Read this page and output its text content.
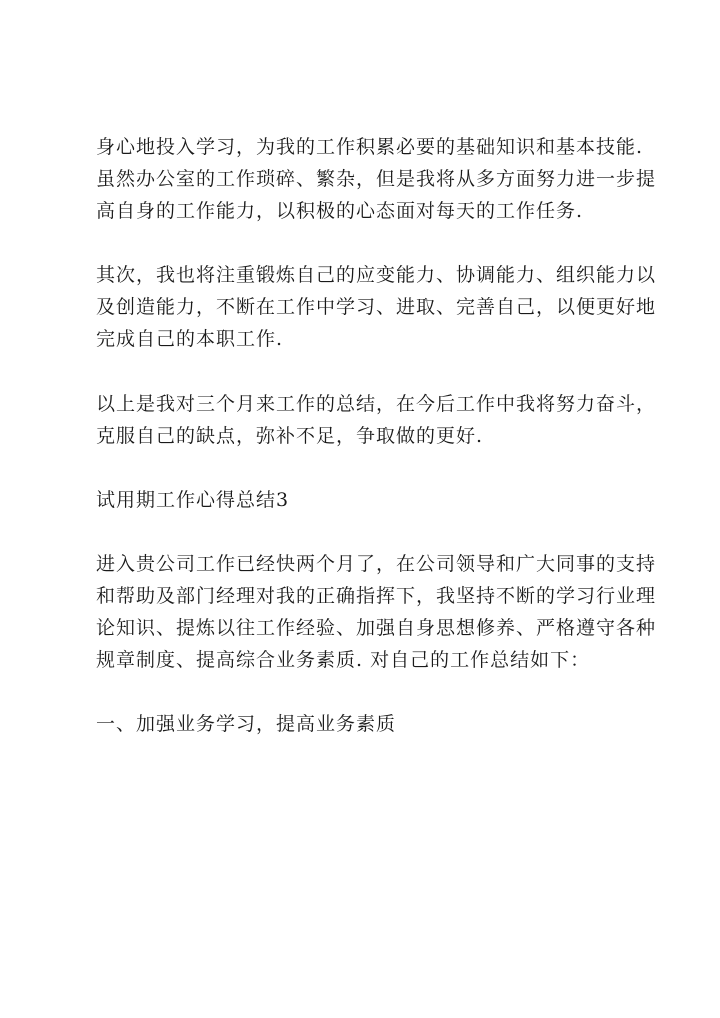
身心地投入学习，为我的工作积累必要的基础知识和基本技能.
虽然办公室的工作琐碎、繁杂，但是我将从多方面努力进一步提
高自身的工作能力，以积极的心态面对每天的工作任务.
其次，我也将注重锻炼自己的应变能力、协调能力、组织能力以
及创造能力，不断在工作中学习、进取、完善自己，以便更好地
完成自己的本职工作.
以上是我对三个月来工作的总结，在今后工作中我将努力奋斗，
克服自己的缺点，弥补不足，争取做的更好.
试用期工作心得总结3
进入贵公司工作已经快两个月了，在公司领导和广大同事的支持
和帮助及部门经理对我的正确指挥下，我坚持不断的学习行业理
论知识、提炼以往工作经验、加强自身思想修养、严格遵守各种
规章制度、提高综合业务素质. 对自己的工作总结如下：
一、加强业务学习，提高业务素质
